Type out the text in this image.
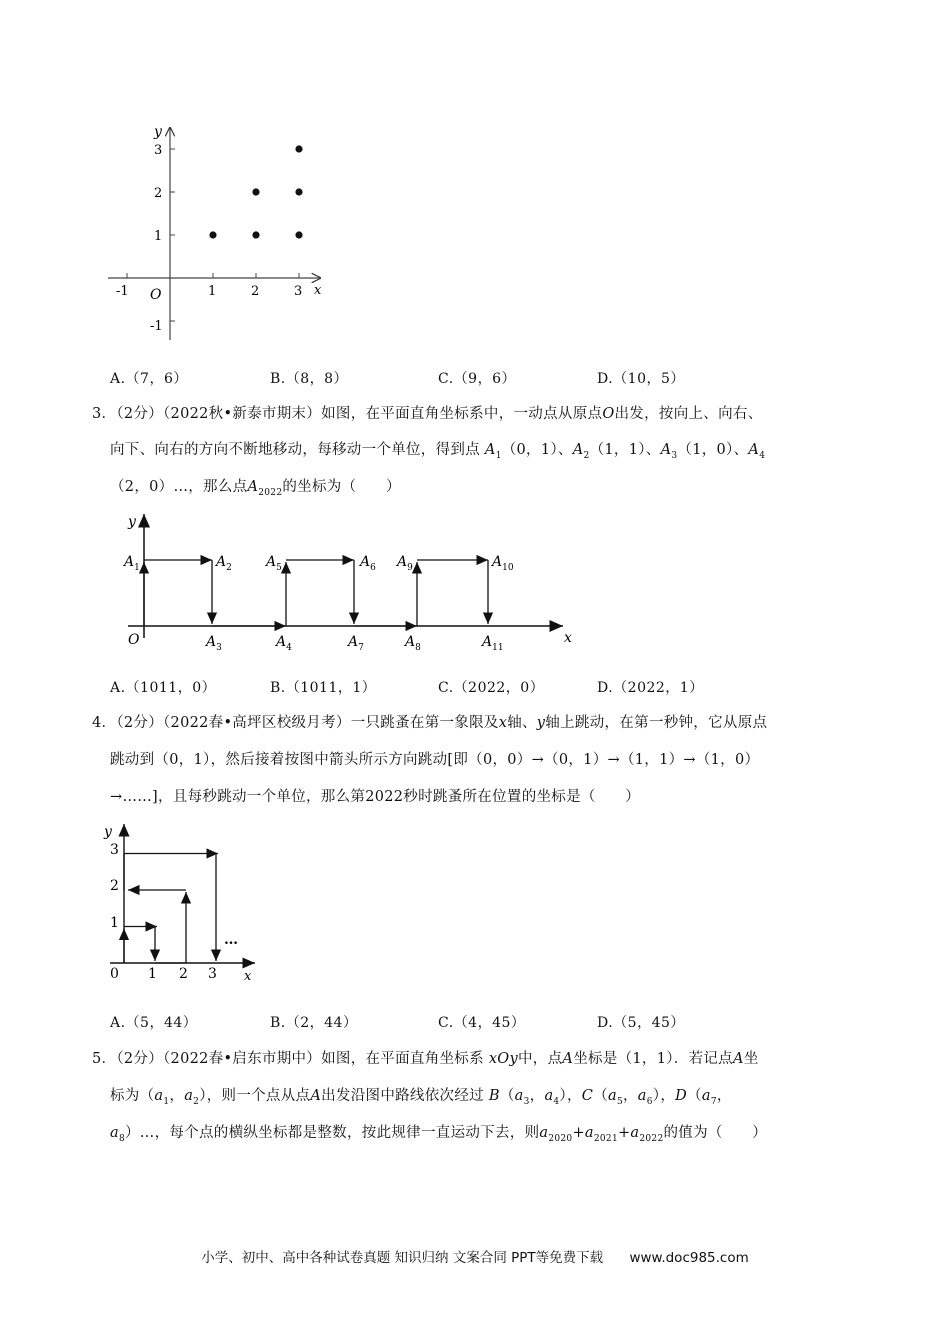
y
x
O
3
2
1
-1
-1	1	2	3
A.（7，6）	B.（8，8）	C.（9，6）	D.（10，5）
3．（2分）（2022秋•新泰市期末）如图，在平面直角坐标系中，一动点从原点O出发，按向上、向右、
向下、向右的方向不断地移动，每移动一个单位，得到点 $A_1(0$，1）、$A_2(1$，1）、$A_3(1$，0）、$A_4$
（2，0）…，那么点$A_{2022}$的坐标为（　　）
y
x
O
$A_1$	$A_2$
$A_3$	$A_4$
$A_5$	$A_6$
$A_7$	$A_8$
$A_9$	$A_{10}$
$A_{11}$
A.（1011，0）	B.（1011，1）	C.（2022，0）	D.（2022，1）
4．（2分）（2022春•高坪区校级月考）一只跳蚤在第一象限及x轴、y轴上跳动，在第一秒钟，它从原点
跳动到（0，1），然后接着按图中箭头所示方向跳动[即（0，0）→（0，1）→（1，1）→（1，0）
→……]，且每秒跳动一个单位，那么第2022秒时跳蚤所在位置的坐标是（　　）
y
x
0 1 2 3
3
2
1
…
A.（5，44）	B.（2，44）	C.（4，45）	D.（5，45）
5．（2分）（2022春•启东市期中）如图，在平面直角坐标系 xOy中，点A坐标是（1，1）．若记点A坐
标为（$a_1$，$a_2$），则一个点从点A出发沿图中路线依次经过 $B(a_3$，$a_4$），$C(a_5$，$a_6$），$D(a_7$，
$a_8)\dots$，每个点的横纵坐标都是整数，按此规律一直运动下去，则$a_{2020}+a_{2021}+a_{2022}$的值为（　　）
小学、初中、高中各种试卷真题 知识归纳 文案合同 PPT等免费下载 www.doc985.com
